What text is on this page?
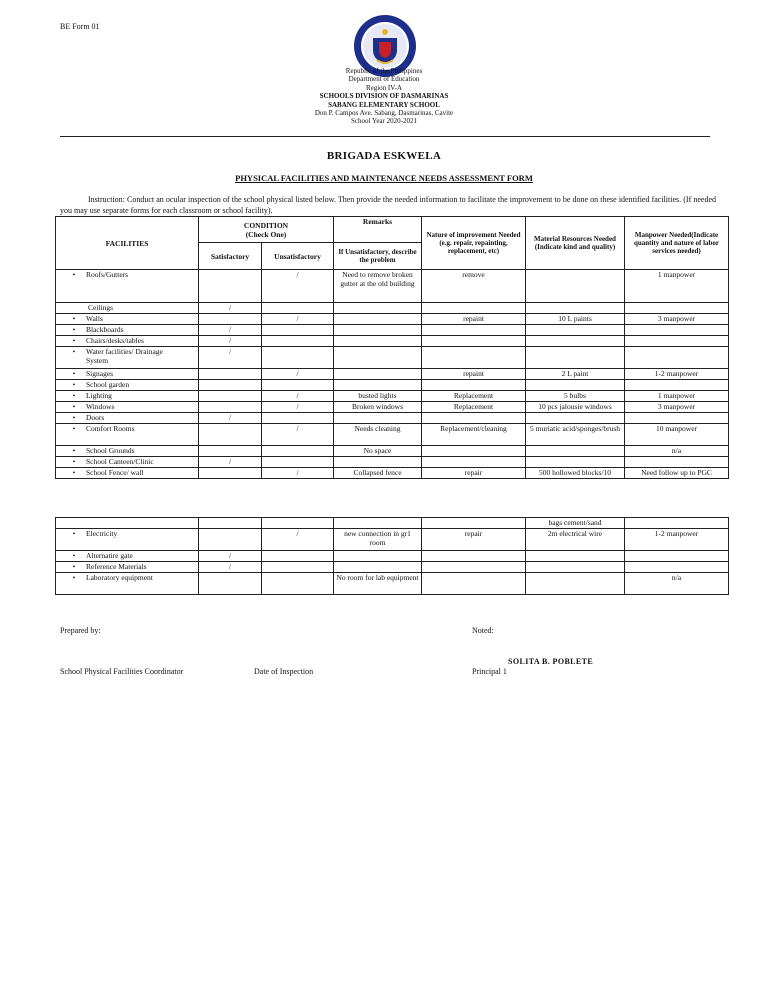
BE Form 01
Republic of the Philippines
Department of Education
Region IV-A
SCHOOLS DIVISION OF DASMARINAS
SABANG ELEMENTARY SCHOOL
Don P. Campos Ave. Sabang, Dasmarinas, Cavite
School Year 2020-2021
BRIGADA ESKWELA
PHYSICAL FACILITIES AND MAINTENANCE NEEDS ASSESSMENT FORM
Instruction: Conduct an ocular inspection of the school physical listed below. Then provide the needed information to facilitate the improvement to be done on these identified facilities. (If needed you may use separate forms for each classroom or school facility).
FACILITIES	CONDITION
(Check One)		Remarks	Nature of improvement Needed
(e.g. repair, repainting, replacement, etc)	Material Resources Needed (Indicate kind and quality)	Manpower Needed(Indicate quantity and nature of labor services needed)
	Satisfactory	Unsatisfactory	If Unsatisfactory, describe the problem			
• Roofs/Gutters		/	Need to remove broken gutter at the old building	remove		1 manpower
Ceilings	/					
• Walls		/		repaint	10 L paints	3 manpower
• Blackboards	/					
• Chairs/desks/tables	/					
• Water facilities/ Drainage System	/					
• Signages		/		repaint	2 L paint	1-2 manpower
• School garden						
• Lighting		/	busted lights	Replacement	5 bulbs	1 manpower
• Windows		/	Broken windows	Replacement	10 pcs jalousie windows	3 manpower
• Doors	/					
• Comfort Rooms		/	Needs cleaning	Replacement/cleaning	5 muriatic acid/sponges/brush	10 manpower
• School Grounds			No space			n/a
• School Canteen/Clinic	/					
• School Fence/ wall		/	Collapsed fence	repair	500 hollowed blocks/10	Need follow up to PGC
					bags cement/sand	
• Electricity		/	new connection in gr1 room	repair	2m electrical wire	1-2 manpower
• Alternatire gate	/					
• Reference Materials	/					
• Laboratory equipment			No room for lab equipment			n/a
Prepared by:	Noted:
SOLITA B. POBLETE
School Physical Facilities Coordinator	Date of Inspection	Principal 1
